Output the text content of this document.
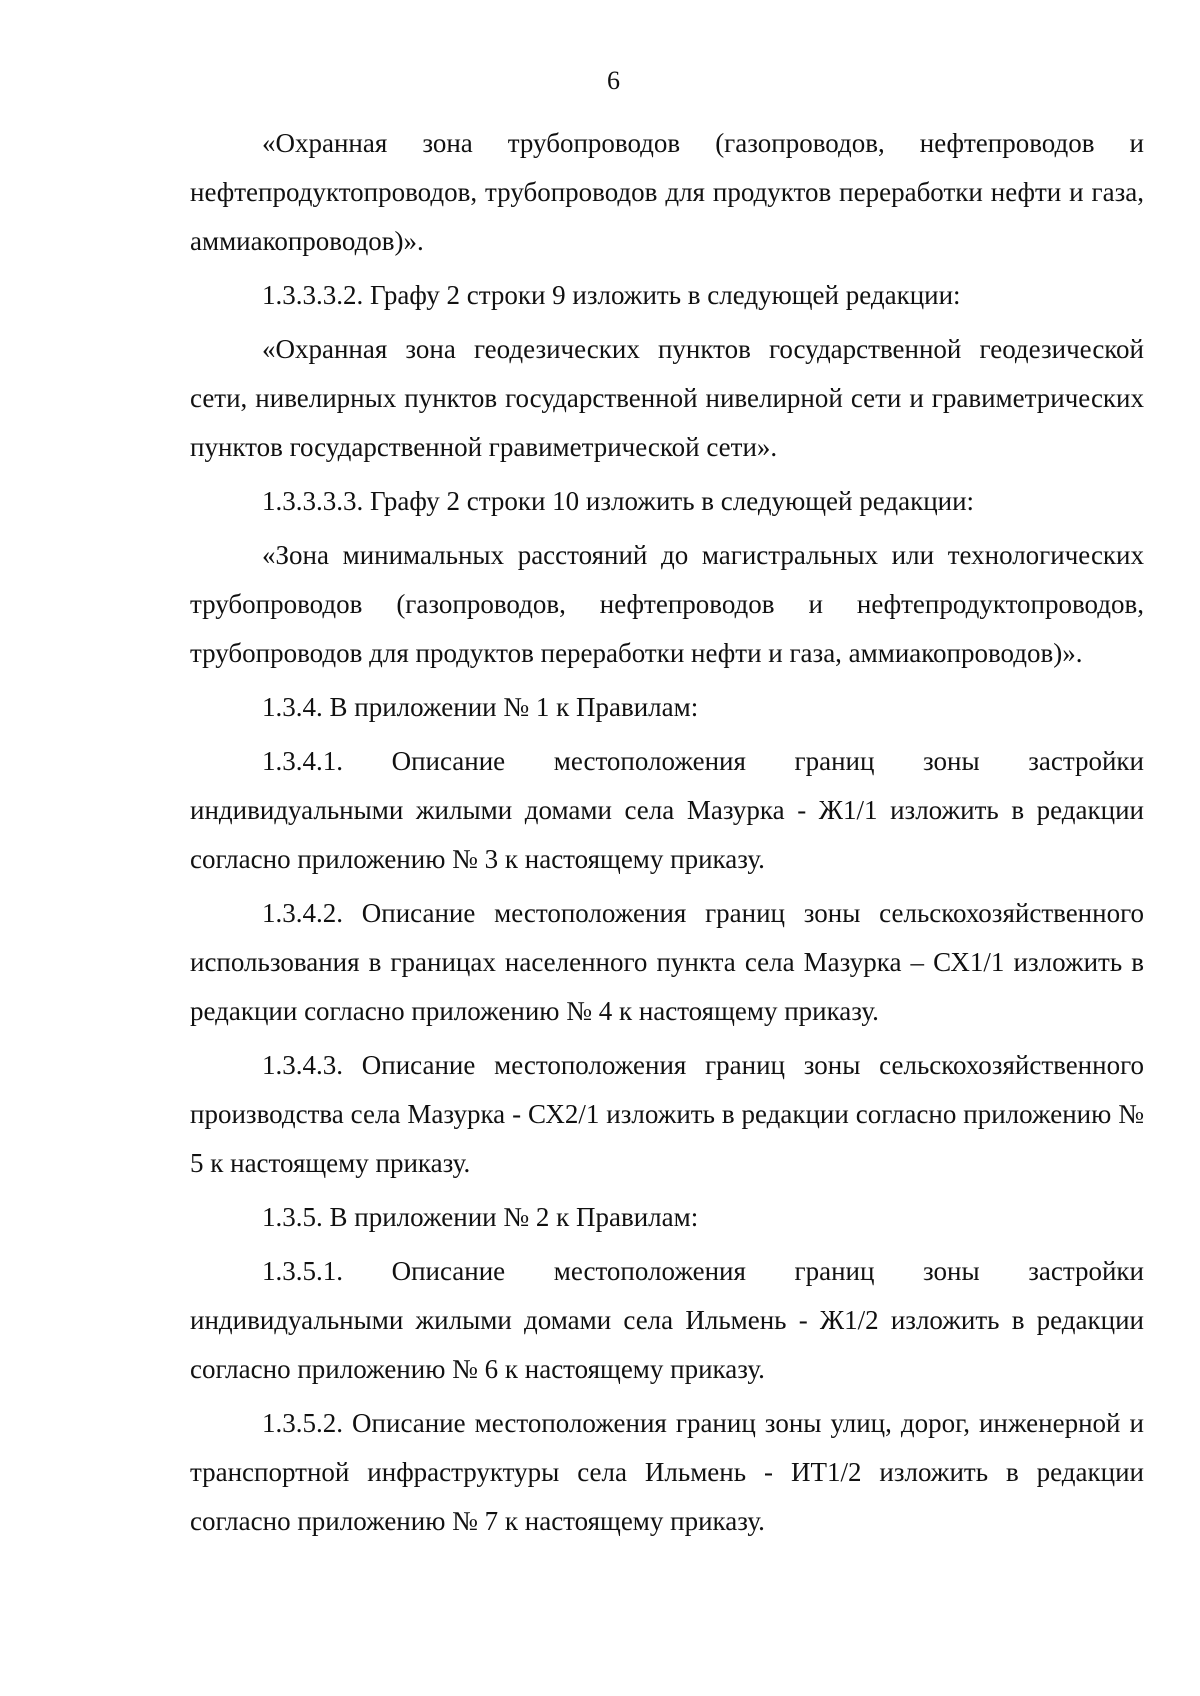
6

«Охранная зона трубопроводов (газопроводов, нефтепроводов и нефтепродуктопроводов, трубопроводов для продуктов переработки нефти и газа, аммиакопроводов)».

1.3.3.3.2. Графу 2 строки 9 изложить в следующей редакции:

«Охранная зона геодезических пунктов государственной геодезической сети, нивелирных пунктов государственной нивелирной сети и гравиметрических пунктов государственной гравиметрической сети».

1.3.3.3.3. Графу 2 строки 10 изложить в следующей редакции:

«Зона минимальных расстояний до магистральных или технологических трубопроводов (газопроводов, нефтепроводов и нефтепродуктопроводов, трубопроводов для продуктов переработки нефти и газа, аммиакопроводов)».

1.3.4. В приложении № 1 к Правилам:

1.3.4.1. Описание местоположения границ зоны застройки индивидуальными жилыми домами села Мазурка - Ж1/1 изложить в редакции согласно приложению № 3 к настоящему приказу.

1.3.4.2. Описание местоположения границ зоны сельскохозяйственного использования в границах населенного пункта села Мазурка – СХ1/1 изложить в редакции согласно приложению № 4 к настоящему приказу.

1.3.4.3. Описание местоположения границ зоны сельскохозяйственного производства села Мазурка - СХ2/1 изложить в редакции согласно приложению № 5 к настоящему приказу.

1.3.5. В приложении № 2 к Правилам:

1.3.5.1. Описание местоположения границ зоны застройки индивидуальными жилыми домами села Ильмень - Ж1/2 изложить в редакции согласно приложению № 6 к настоящему приказу.

1.3.5.2. Описание местоположения границ зоны улиц, дорог, инженерной и транспортной инфраструктуры села Ильмень - ИТ1/2 изложить в редакции согласно приложению № 7 к настоящему приказу.
